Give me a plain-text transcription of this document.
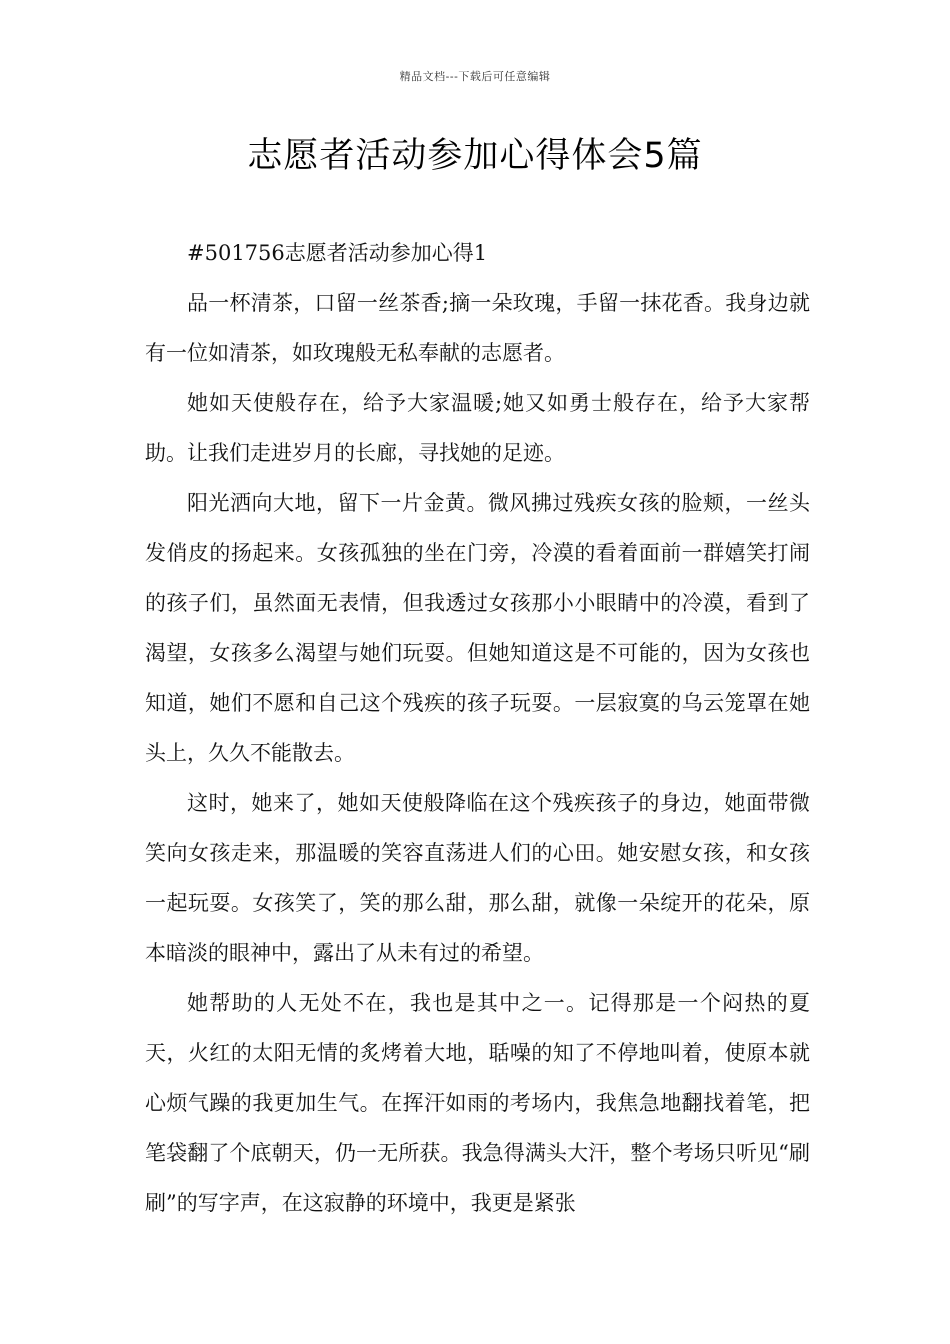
精品文档---下载后可任意编辑
志愿者活动参加心得体会5篇

#501756志愿者活动参加心得1

品一杯清茶，口留一丝茶香;摘一朵玫瑰，手留一抹花香。我身边就有一位如清茶，如玫瑰般无私奉献的志愿者。

她如天使般存在，给予大家温暖;她又如勇士般存在，给予大家帮助。让我们走进岁月的长廊，寻找她的足迹。

阳光洒向大地，留下一片金黄。微风拂过残疾女孩的脸颊，一丝头发俏皮的扬起来。女孩孤独的坐在门旁，冷漠的看着面前一群嬉笑打闹的孩子们，虽然面无表情，但我透过女孩那小小眼睛中的冷漠，看到了渴望，女孩多么渴望与她们玩耍。但她知道这是不可能的，因为女孩也知道，她们不愿和自己这个残疾的孩子玩耍。一层寂寞的乌云笼罩在她头上，久久不能散去。

这时，她来了，她如天使般降临在这个残疾孩子的身边，她面带微笑向女孩走来，那温暖的笑容直荡进人们的心田。她安慰女孩，和女孩一起玩耍。女孩笑了，笑的那么甜，那么甜，就像一朵绽开的花朵，原本暗淡的眼神中，露出了从未有过的希望。

她帮助的人无处不在，我也是其中之一。记得那是一个闷热的夏天，火红的太阳无情的炙烤着大地，聒噪的知了不停地叫着，使原本就心烦气躁的我更加生气。在挥汗如雨的考场内，我焦急地翻找着笔，把笔袋翻了个底朝天，仍一无所获。我急得满头大汗，整个考场只听见“刷刷”的写字声，在这寂静的环境中，我更是紧张
